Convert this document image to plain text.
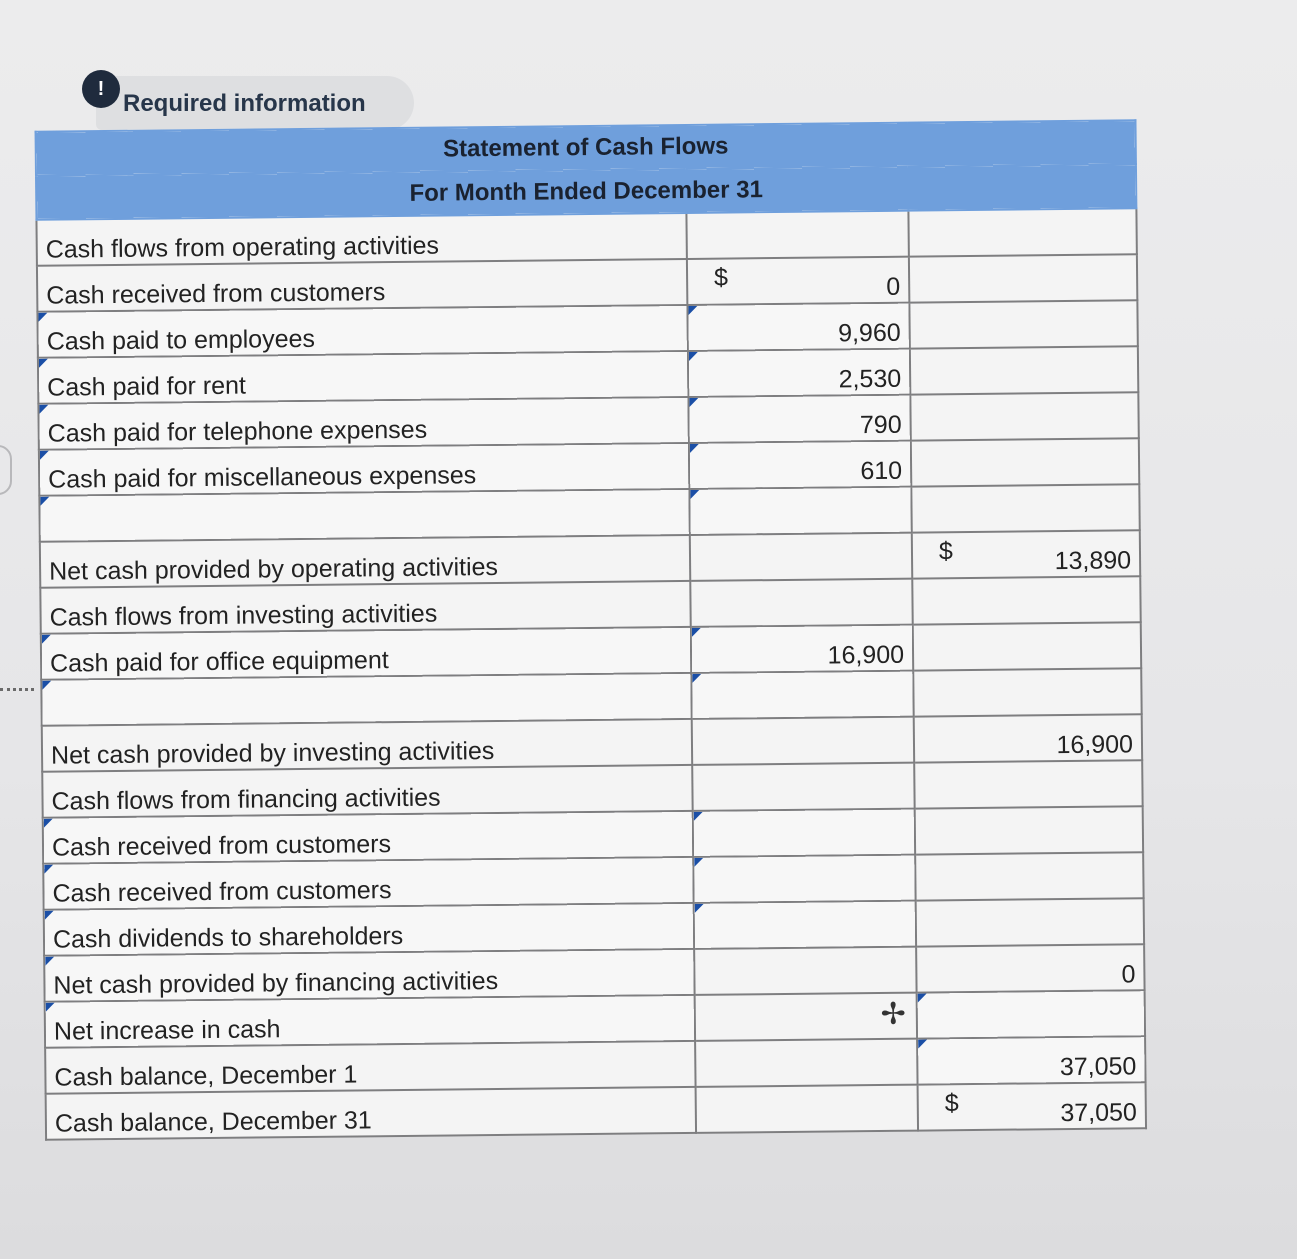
!
Required information
Statement of Cash Flows		
For Month Ended December 31		
Cash flows from operating activities		
Cash received from customers	$ 0	
Cash paid to employees	9,960	
Cash paid for rent	2,530	
Cash paid for telephone expenses	790	
Cash paid for miscellaneous expenses	610	

Net cash provided by operating activities		$ 13,890
Cash flows from investing activities		
Cash paid for office equipment	16,900	

Net cash provided by investing activities		16,900
Cash flows from financing activities		
Cash received from customers		
Cash received from customers		
Cash dividends to shareholders		
Net cash provided by financing activities		0
Net increase in cash	✢	

Cash balance, December 1		37,050
Cash balance, December 31		$ 37,050
